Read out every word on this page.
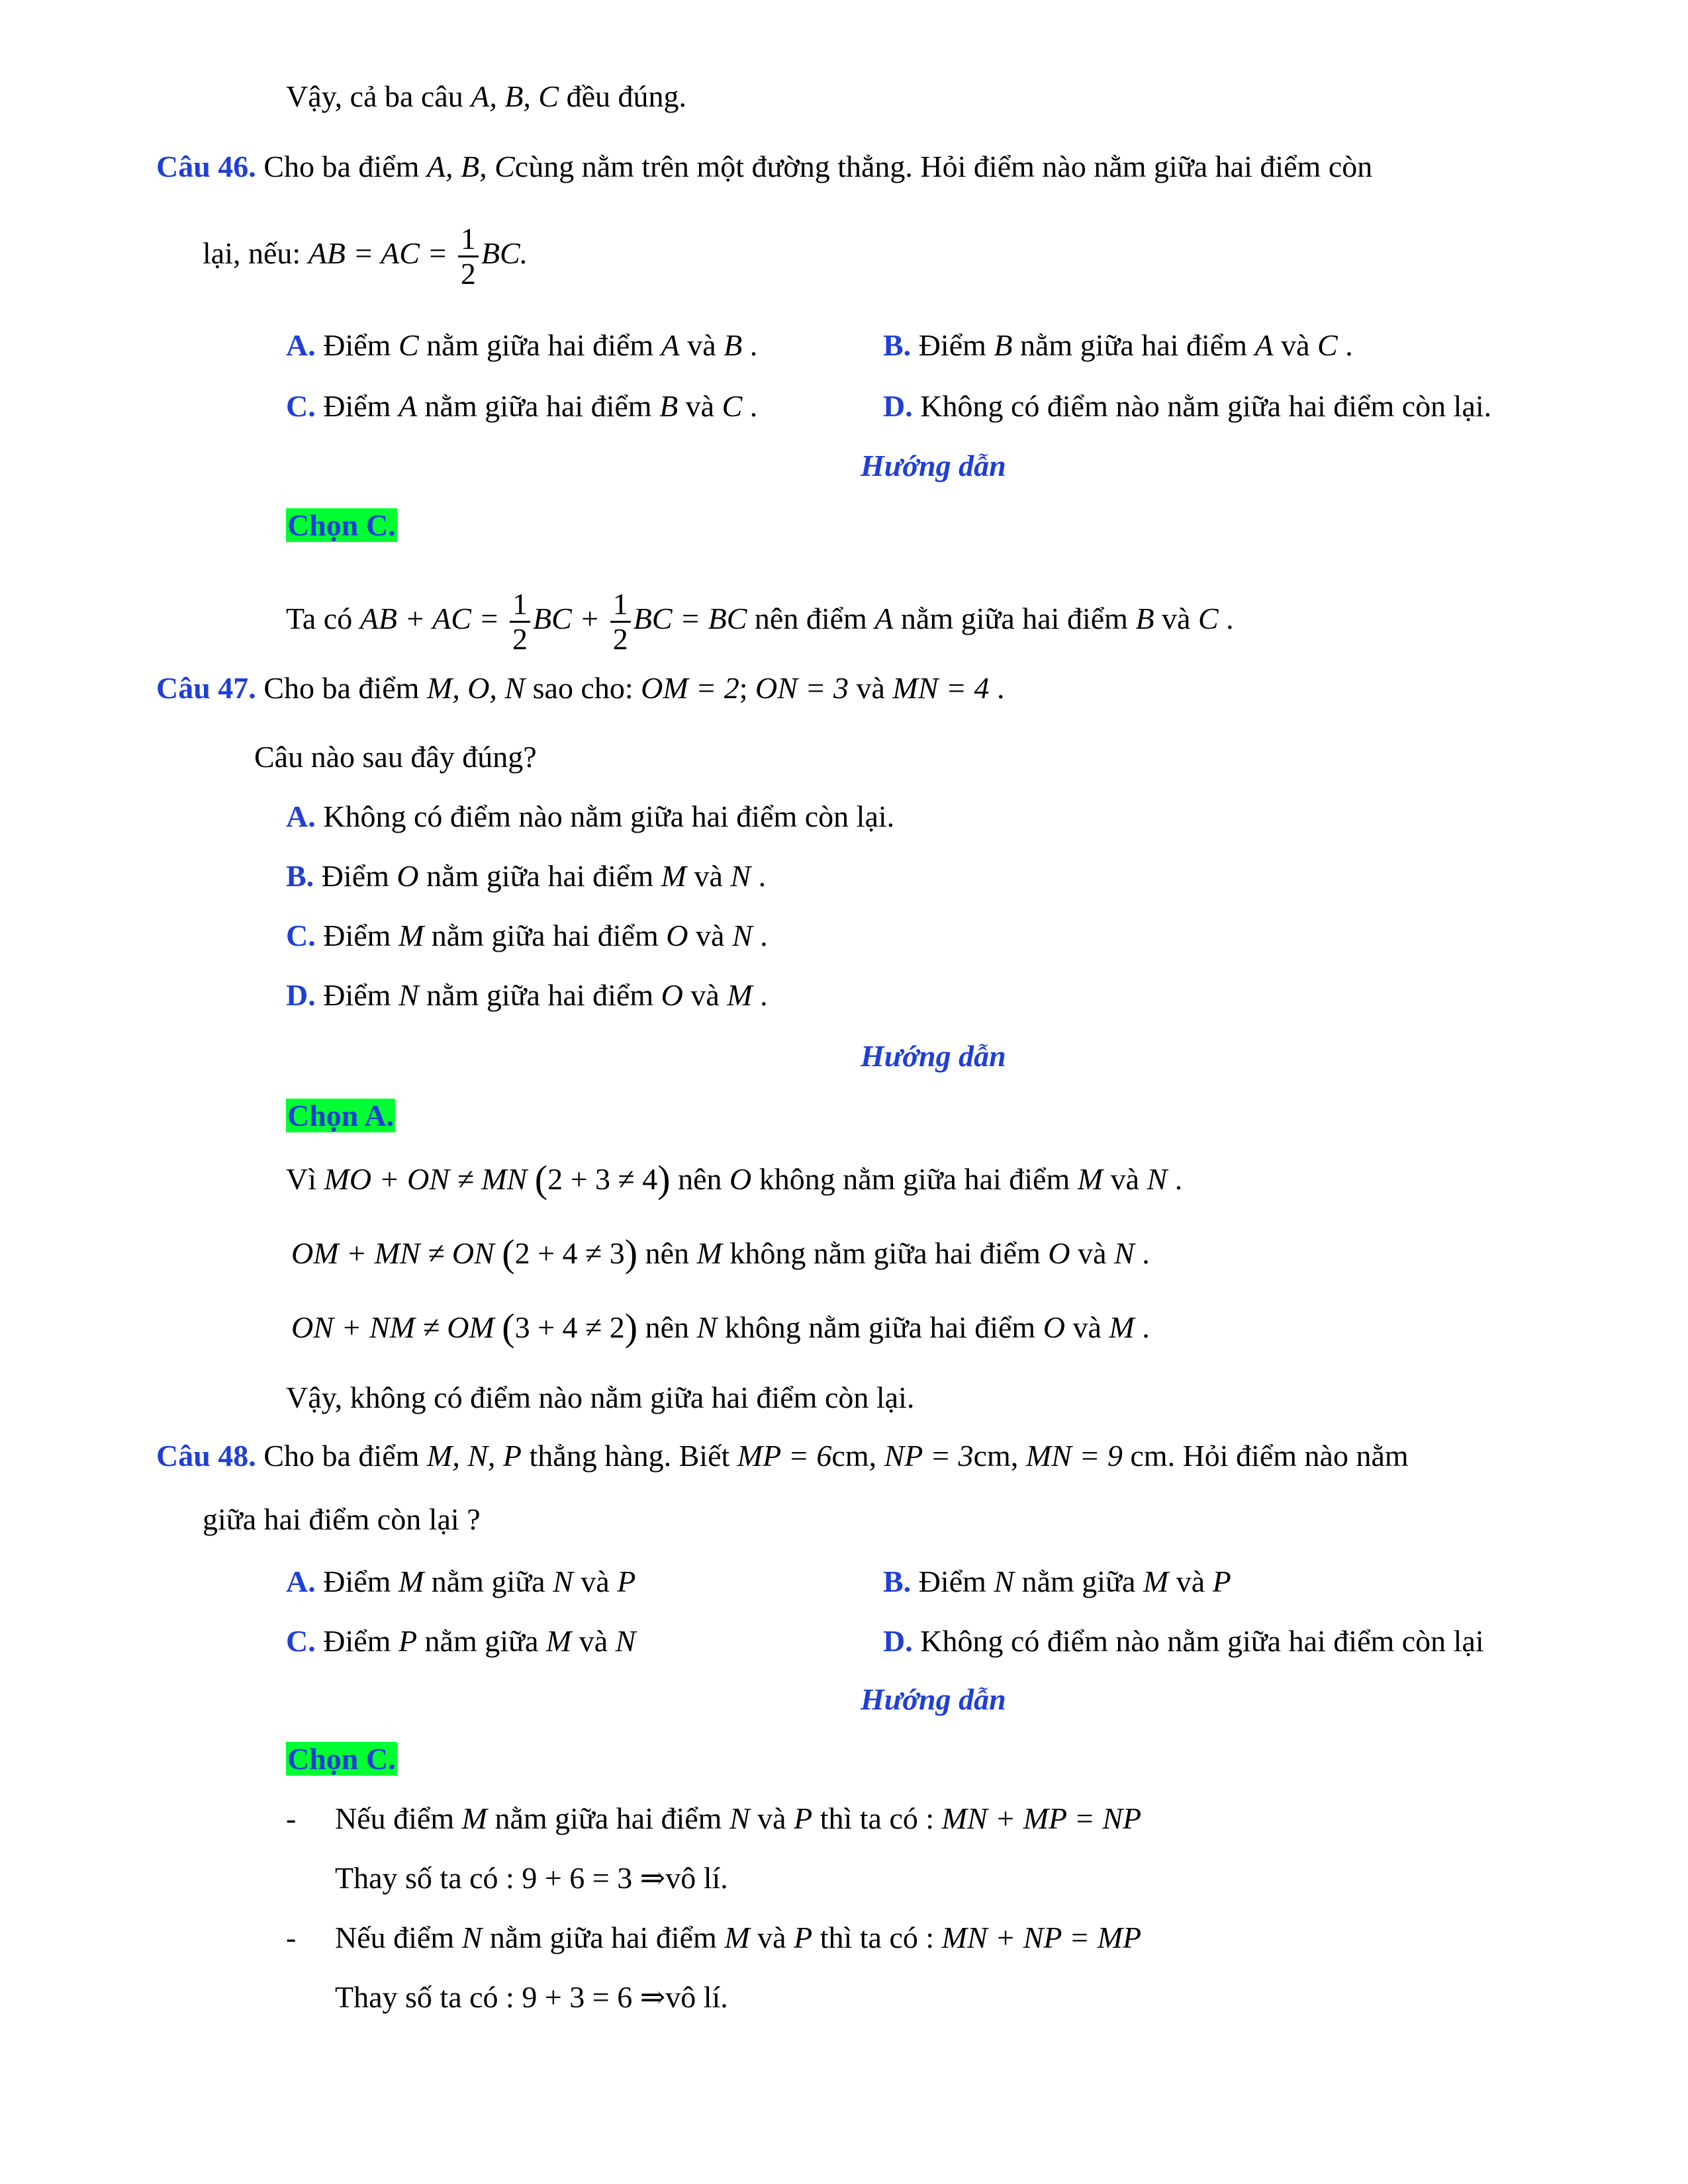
Vậy, cả ba câu A, B, C đều đúng.
Câu 46. Cho ba điểm A, B, Ccùng nằm trên một đường thẳng. Hỏi điểm nào nằm giữa hai điểm còn
lại, nếu: AB = AC = $\frac{1}{2}$ BC.
A. Điểm C nằm giữa hai điểm A và B .	B. Điểm B nằm giữa hai điểm A và C .
C. Điểm A nằm giữa hai điểm B và C .	D. Không có điểm nào nằm giữa hai điểm còn lại.
Hướng dẫn
Chọn C.
Ta có AB + AC = $\frac{1}{2}$ BC + $\frac{1}{2}$ BC = BC nên điểm A nằm giữa hai điểm B và C .
Câu 47. Cho ba điểm M, O, N sao cho: OM = 2; ON = 3 và MN = 4 .
Câu nào sau đây đúng?
A. Không có điểm nào nằm giữa hai điểm còn lại.
B. Điểm O nằm giữa hai điểm M và N .
C. Điểm M nằm giữa hai điểm O và N .
D. Điểm N nằm giữa hai điểm O và M .
Hướng dẫn
Chọn A.
Vì MO + ON ≠ MN (2 + 3 ≠ 4) nên O không nằm giữa hai điểm M và N .
OM + MN ≠ ON (2 + 4 ≠ 3) nên M không nằm giữa hai điểm O và N .
ON + NM ≠ OM (3 + 4 ≠ 2) nên N không nằm giữa hai điểm O và M .
Vậy, không có điểm nào nằm giữa hai điểm còn lại.
Câu 48. Cho ba điểm M, N, P thẳng hàng. Biết MP = 6cm, NP = 3cm, MN = 9 cm. Hỏi điểm nào nằm
giữa hai điểm còn lại ?
A. Điểm M nằm giữa N và P	B. Điểm N nằm giữa M và P
C. Điểm P nằm giữa M và N	D. Không có điểm nào nằm giữa hai điểm còn lại
Hướng dẫn
Chọn C.
- Nếu điểm M nằm giữa hai điểm N và P thì ta có : MN + MP = NP
Thay số ta có : 9 + 6 = 3 ⇒vô lí.
- Nếu điểm N nằm giữa hai điểm M và P thì ta có : MN + NP = MP
Thay số ta có : 9 + 3 = 6 ⇒vô lí.
